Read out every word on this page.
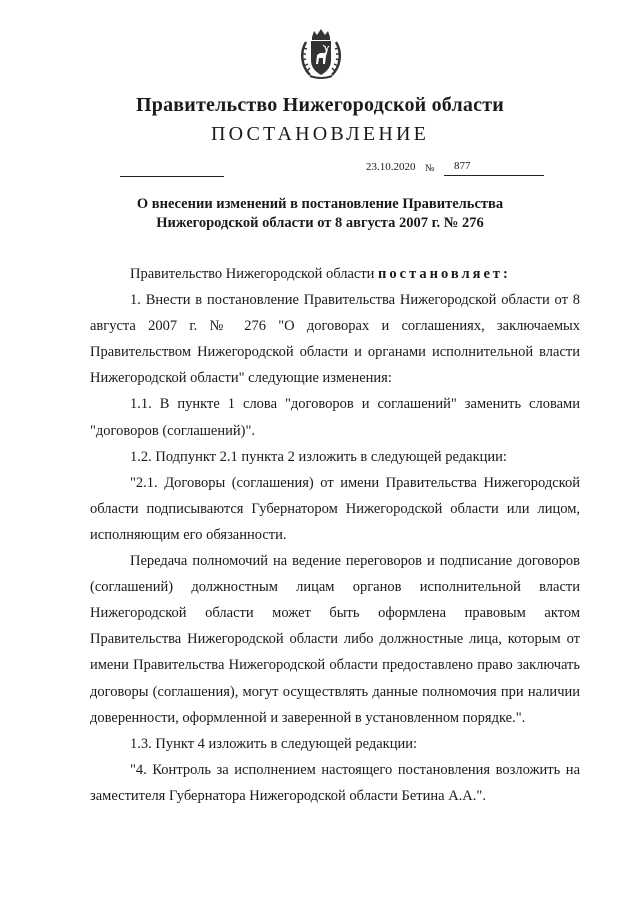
Правительство Нижегородской области
ПОСТАНОВЛЕНИЕ
23.10.2020 №	877
О внесении изменений в постановление Правительства
Нижегородской области от 8 августа 2007 г. № 276

Правительство Нижегородской области постановляет:

1. Внести в постановление Правительства Нижегородской области от 8 августа 2007 г. № 276 "О договорах и соглашениях, заключаемых Правительством Нижегородской области и органами исполнительной власти Нижегородской области" следующие изменения:

1.1. В пункте 1 слова "договоров и соглашений" заменить словами "договоров (соглашений)".

1.2. Подпункт 2.1 пункта 2 изложить в следующей редакции:

"2.1. Договоры (соглашения) от имени Правительства Нижегородской области подписываются Губернатором Нижегородской области или лицом, исполняющим его обязанности.

Передача полномочий на ведение переговоров и подписание договоров (соглашений) должностным лицам органов исполнительной власти Нижегородской области может быть оформлена правовым актом Правительства Нижегородской области либо должностные лица, которым от имени Правительства Нижегородской области предоставлено право заключать договоры (соглашения), могут осуществлять данные полномочия при наличии доверенности, оформленной и заверенной в установленном порядке.".

1.3. Пункт 4 изложить в следующей редакции:

"4. Контроль за исполнением настоящего постановления возложить на заместителя Губернатора Нижегородской области Бетина А.А.".
